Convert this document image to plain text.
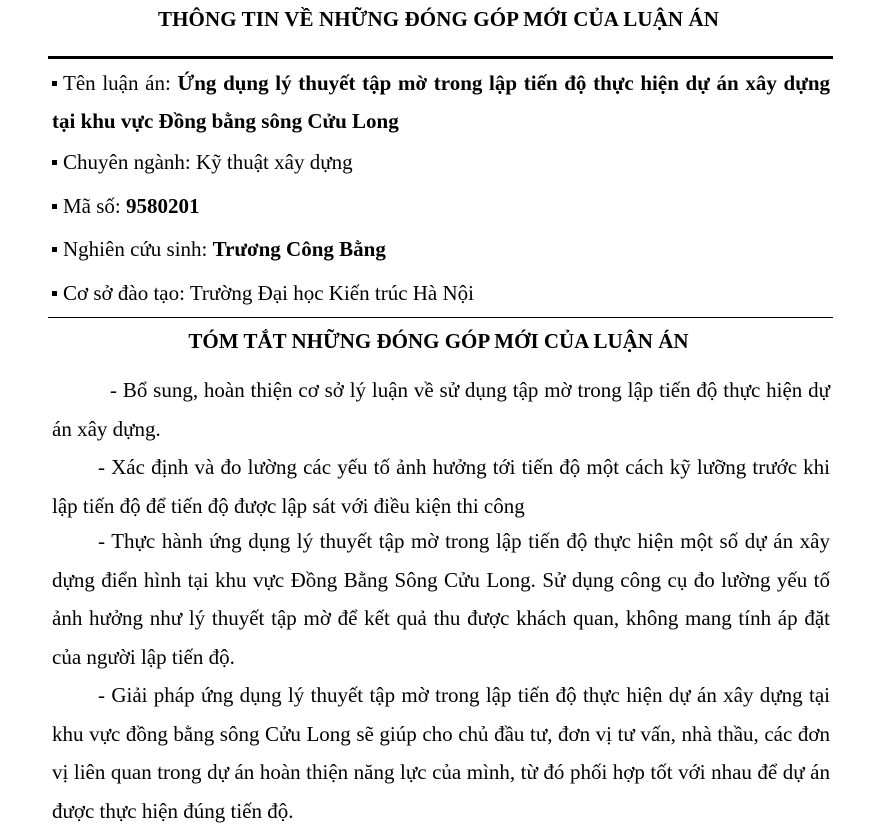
THÔNG TIN VỀ NHỮNG ĐÓNG GÓP MỚI CỦA LUẬN ÁN
Tên luận án: Ứng dụng lý thuyết tập mờ trong lập tiến độ thực hiện dự án xây dựng tại khu vực Đồng bằng sông Cửu Long
Chuyên ngành: Kỹ thuật xây dựng
Mã số: 9580201
Nghiên cứu sinh: Trương Công Bằng
Cơ sở đào tạo: Trường Đại học Kiến trúc Hà Nội
TÓM TẮT NHỮNG ĐÓNG GÓP MỚI CỦA LUẬN ÁN
- Bổ sung, hoàn thiện cơ sở lý luận về sử dụng tập mờ trong lập tiến độ thực hiện dự án xây dựng.
- Xác định và đo lường các yếu tố ảnh hưởng tới tiến độ một cách kỹ lưỡng trước khi lập tiến độ để tiến độ được lập sát với điều kiện thi công
- Thực hành ứng dụng lý thuyết tập mờ trong lập tiến độ thực hiện một số dự án xây dựng điển hình tại khu vực Đồng Bằng Sông Cửu Long. Sử dụng công cụ đo lường yếu tố ảnh hưởng như lý thuyết tập mờ để kết quả thu được khách quan, không mang tính áp đặt của người lập tiến độ.
- Giải pháp ứng dụng lý thuyết tập mờ trong lập tiến độ thực hiện dự án xây dựng tại khu vực đồng bằng sông Cửu Long sẽ giúp cho chủ đầu tư, đơn vị tư vấn, nhà thầu, các đơn vị liên quan trong dự án hoàn thiện năng lực của mình, từ đó phối hợp tốt với nhau để dự án được thực hiện đúng tiến độ.
